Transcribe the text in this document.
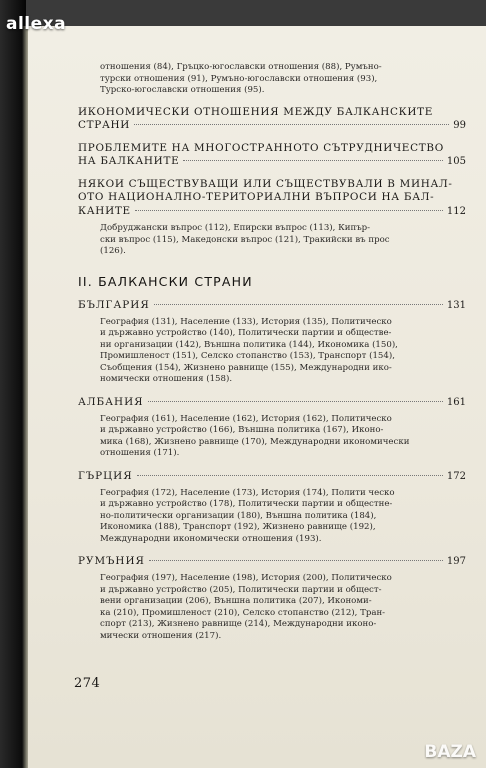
allexa
отношения (84), Гръцко-югославски отношения (88), Румъно-
турски отношения (91), Румъно-югославски отношения (93),
Турско-югославски отношения (95).
ИКОНОМИЧЕСКИ ОТНОШЕНИЯ МЕЖДУ БАЛКАНСКИТЕ
СТРАНИ	99
ПРОБЛЕМИТЕ НА МНОГОСТРАННОТО СЪТРУДНИЧЕСТВО
НА БАЛКАНИТЕ	105
НЯКОИ СЪЩЕСТВУВАЩИ ИЛИ СЪЩЕСТВУВАЛИ В МИНАЛ-
ОТО НАЦИОНАЛНО-ТЕРИТОРИАЛНИ ВЪПРОСИ НА БАЛ-
КАНИТЕ	112
Добруджански въпрос (112), Епирски въпрос (113), Кипър-
ски въпрос (115), Македонски въпрос (121), Тракийски въ прос
(126).
II. БАЛКАНСКИ СТРАНИ
БЪЛГАРИЯ	131
География (131), Население (133), История (135), Политическо
и държавно устройство (140), Политически партии и обществе-
ни организации (142), Външна политика (144), Икономика (150),
Промишленост (151), Селско стопанство (153), Транспорт (154),
Съобщения (154), Жизнено равнище (155), Международни ико-
номически отношения (158).
АЛБАНИЯ	161
География (161), Население (162), История (162), Политическо
и държавно устройство (166), Външна политика (167), Иконо-
мика (168), Жизнено равнище (170), Международни икономически
отношения (171).
ГЪРЦИЯ	172
География (172), Население (173), История (174), Полити ческо
и държавно устройство (178), Политически партии и общестне-
но-политически организации (180), Външна политика (184),
Икономика (188), Транспорт (192), Жизнено равнище (192),
Международни икономически отношения (193).
РУМЪНИЯ	197
География (197), Население (198), История (200), Политическо
и държавно устройство (205), Политически партии и общест-
вени организации (206), Външна политика (207), Икономи-
ка (210), Промишленост (210), Селско стопанство (212), Тран-
спорт (213), Жизнено равнище (214), Международни иконо-
мически отношения (217).
274
BAZA
